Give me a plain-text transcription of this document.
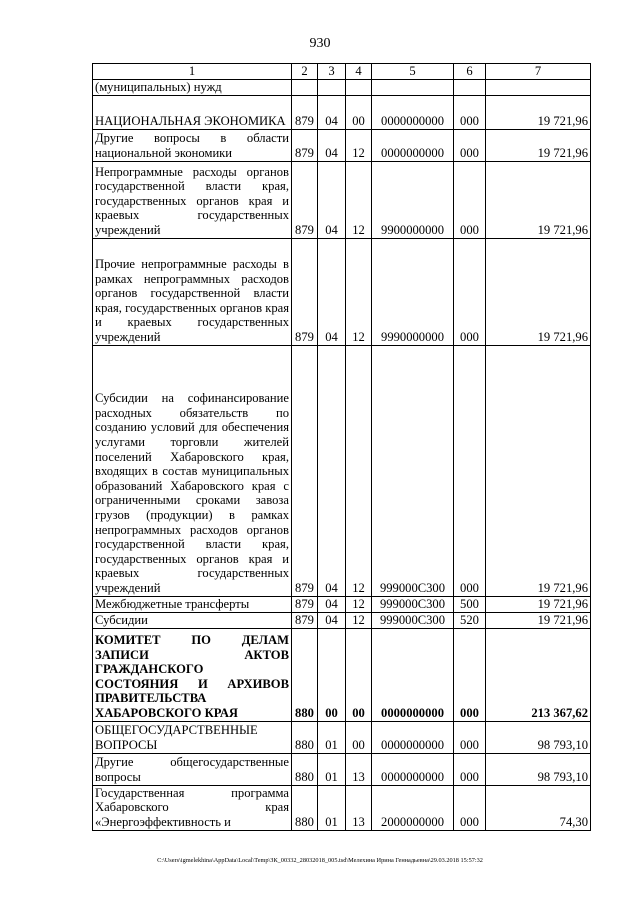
930
1	2	3	4	5	6	7
(муниципальных) нужд						
НАЦИОНАЛЬНАЯ ЭКОНОМИКА	879	04	00	0000000000	000	19 721,96
Другие вопросы в области национальной экономики	879	04	12	0000000000	000	19 721,96
Непрограммные расходы органов государственной власти края, государственных органов края и краевых государственных учреждений	879	04	12	9900000000	000	19 721,96
Прочие непрограммные расходы в рамках непрограммных расходов органов государственной власти края, государственных органов края и краевых государственных учреждений	879	04	12	9990000000	000	19 721,96
Субсидии на софинансирование расходных обязательств по созданию условий для обеспечения услугами торговли жителей поселений Хабаровского края, входящих в состав муниципальных образований Хабаровского края с ограниченными сроками завоза грузов (продукции) в рамках непрограммных расходов органов государственной власти края, государственных органов края и краевых государственных учреждений	879	04	12	999000С300	000	19 721,96
Межбюджетные трансферты	879	04	12	999000С300	500	19 721,96
Субсидии	879	04	12	999000С300	520	19 721,96
КОМИТЕТ ПО ДЕЛАМ ЗАПИСИ АКТОВ ГРАЖДАНСКОГО СОСТОЯНИЯ И АРХИВОВ ПРАВИТЕЛЬСТВА ХАБАРОВСКОГО КРАЯ	880	00	00	0000000000	000	213 367,62
ОБЩЕГОСУДАРСТВЕННЫЕ ВОПРОСЫ	880	01	00	0000000000	000	98 793,10
Другие общегосударственные вопросы	880	01	13	0000000000	000	98 793,10
Государственная программа Хабаровского края «Энергоэффективность и	880	01	13	2000000000	000	74,30
C:\Users\igmelekhina\AppData\Local\Temp\ЗК_00332_28032018_005.tsd\Мелехина Ирина Геннадьевна\29.03.2018 15:57:32
